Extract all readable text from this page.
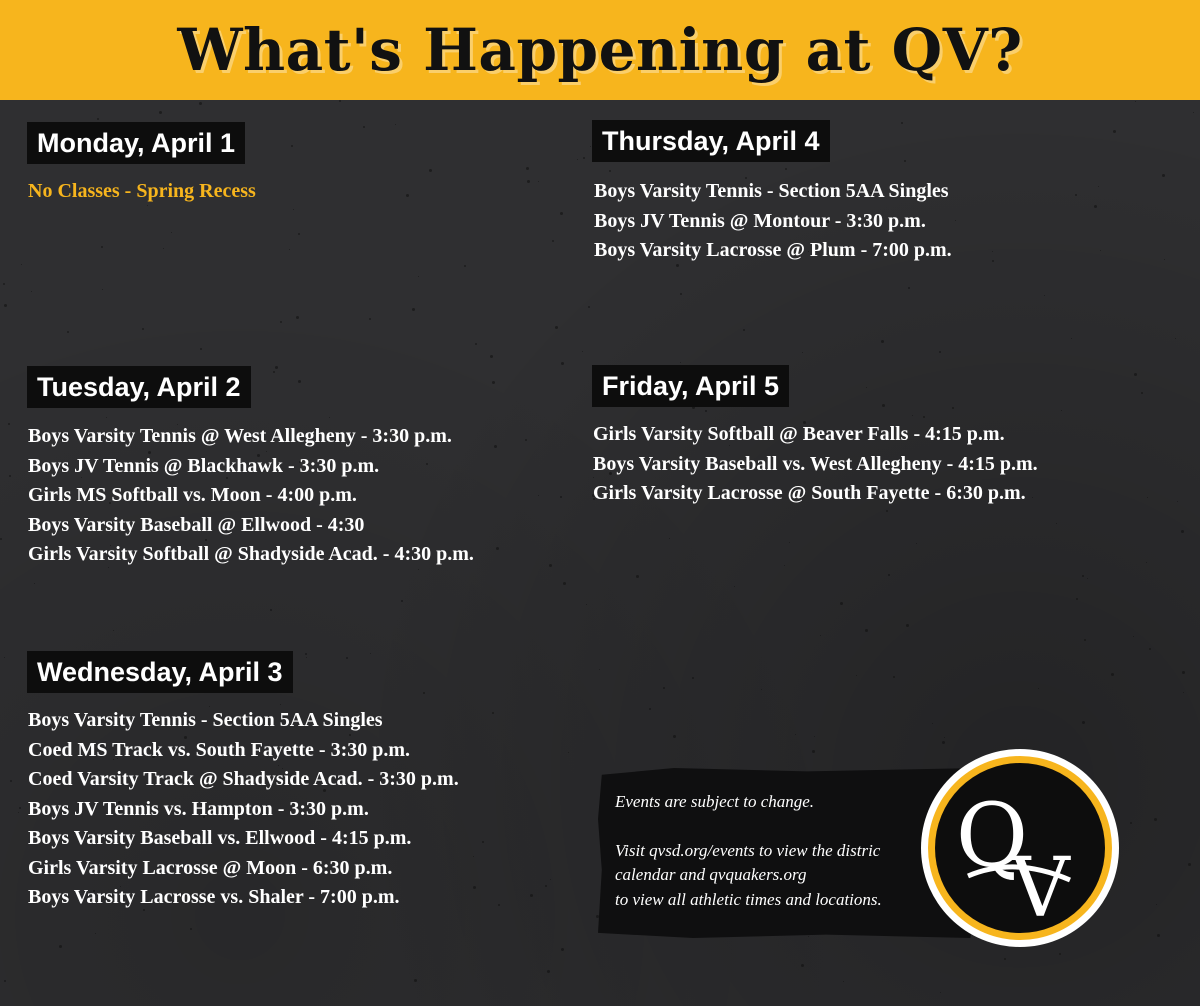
What's Happening at QV?
Monday, April 1
No Classes - Spring Recess
Tuesday, April 2
Boys Varsity Tennis @ West Allegheny - 3:30 p.m.
Boys JV Tennis @ Blackhawk - 3:30 p.m.
Girls MS Softball vs. Moon - 4:00 p.m.
Boys Varsity Baseball @ Ellwood - 4:30
Girls Varsity Softball @ Shadyside Acad. - 4:30 p.m.
Wednesday, April 3
Boys Varsity Tennis - Section 5AA Singles
Coed MS Track vs. South Fayette - 3:30 p.m.
Coed Varsity Track @ Shadyside Acad. - 3:30 p.m.
Boys JV Tennis vs. Hampton - 3:30 p.m.
Boys Varsity Baseball vs. Ellwood - 4:15 p.m.
Girls Varsity Lacrosse @ Moon - 6:30 p.m.
Boys Varsity Lacrosse vs. Shaler - 7:00 p.m.
Thursday, April 4
Boys Varsity Tennis - Section 5AA Singles
Boys JV Tennis @ Montour - 3:30 p.m.
Boys Varsity Lacrosse @ Plum - 7:00 p.m.
Friday, April 5
Girls Varsity Softball @ Beaver Falls - 4:15 p.m.
Boys Varsity Baseball vs. West Allegheny - 4:15 p.m.
Girls Varsity Lacrosse @ South Fayette - 6:30 p.m.

Events are subject to change.

Visit qvsd.org/events to view the distric

calendar and qvquakers.org

to view all athletic times and locations.

Q
V
